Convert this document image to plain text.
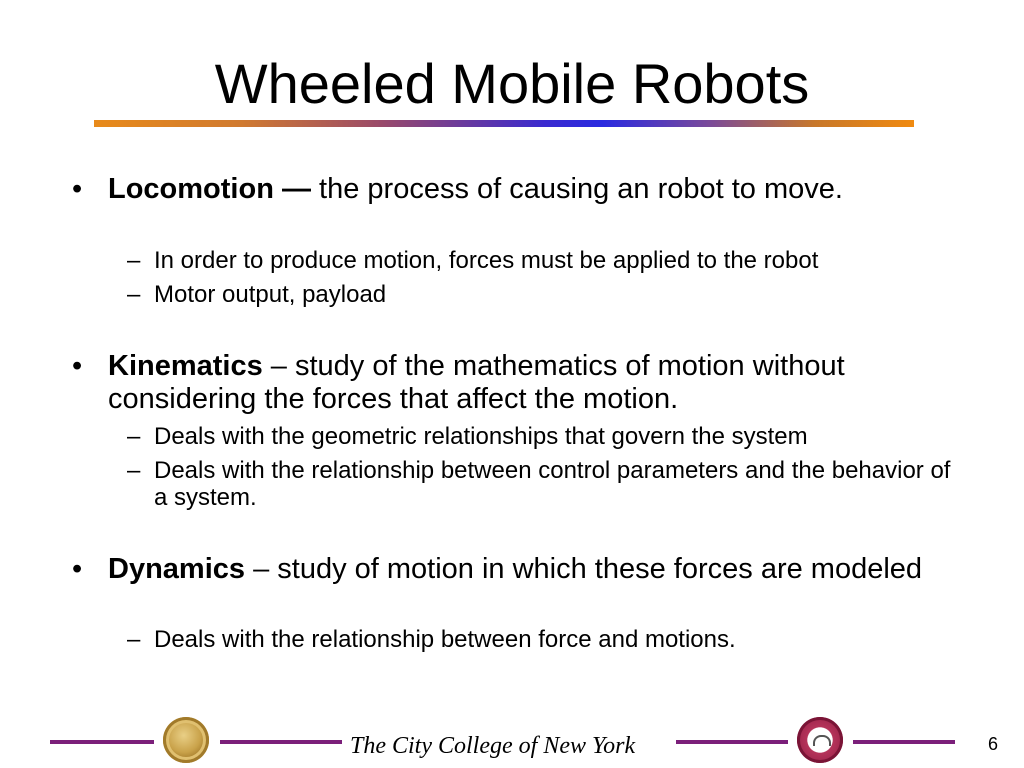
Wheeled Mobile Robots
• Locomotion — the process of causing an robot to move.
– In order to produce motion, forces must be applied to the robot
– Motor output, payload
• Kinematics – study of the mathematics of motion without considering the forces that affect the motion.
– Deals with the geometric relationships that govern the system
– Deals with the relationship between control parameters and the behavior of a system.
• Dynamics – study of motion in which these forces are modeled
– Deals with the relationship between force and motions.
The City College of New York	6
